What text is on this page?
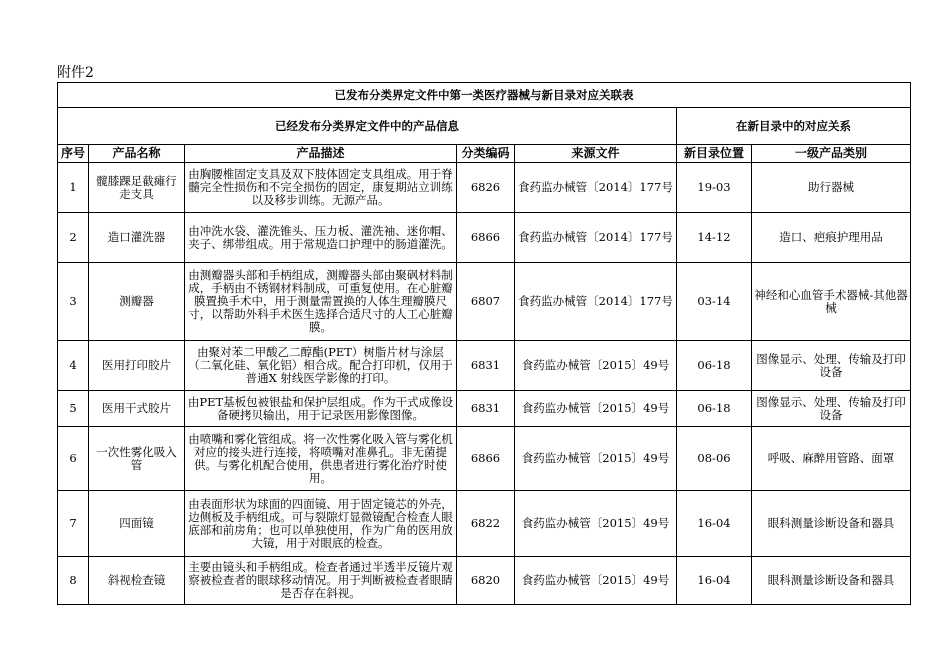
附件2
已发布分类界定文件中第一类医疗器械与新目录对应关联表						
已经发布分类界定文件中的产品信息					在新目录中的对应关系	
序号	产品名称	产品描述	分类编码	来源文件	新目录位置	一级产品类别
1	髋膝踝足截瘫行走支具	由胸腰椎固定支具及双下肢体固定支具组成。用于脊髓完全性损伤和不完全损伤的固定，康复期站立训练以及移步训练。无源产品。	6826	食药监办械管〔2014〕177号	19-03	助行器械
2	造口灌洗器	由冲洗水袋、灌洗锥头、压力板、灌洗袖、迷你帽、夹子、绑带组成。用于常规造口护理中的肠道灌洗。	6866	食药监办械管〔2014〕177号	14-12	造口、疤痕护理用品
3	测瓣器	由测瓣器头部和手柄组成，测瓣器头部由聚砜材料制成，手柄由不锈钢材料制成，可重复使用。在心脏瓣膜置换手术中，用于测量需置换的人体生理瓣膜尺寸，以帮助外科手术医生选择合适尺寸的人工心脏瓣膜。	6807	食药监办械管〔2014〕177号	03-14	神经和心血管手术器械-其他器械
4	医用打印胶片	由聚对苯二甲酸乙二醇酯(PET）树脂片材与涂层（二氧化硅、氧化铝）相合成。配合打印机，仅用于普通X 射线医学影像的打印。	6831	食药监办械管〔2015〕49号	06-18	图像显示、处理、传输及打印设备
5	医用干式胶片	由PET基板包被银盐和保护层组成。作为干式成像设备硬拷贝输出，用于记录医用影像图像。	6831	食药监办械管〔2015〕49号	06-18	图像显示、处理、传输及打印设备
6	一次性雾化吸入管	由喷嘴和雾化管组成。将一次性雾化吸入管与雾化机对应的接头进行连接，将喷嘴对准鼻孔。非无菌提供。与雾化机配合使用，供患者进行雾化治疗时使用。	6866	食药监办械管〔2015〕49号	08-06	呼吸、麻醉用管路、面罩
7	四面镜	由表面形状为球面的四面镜、用于固定镜芯的外壳，边侧板及手柄组成。可与裂隙灯显微镜配合检查人眼底部和前房角；也可以单独使用，作为广角的医用放大镜，用于对眼底的检查。	6822	食药监办械管〔2015〕49号	16-04	眼科测量诊断设备和器具
8	斜视检查镜	主要由镜头和手柄组成。检查者通过半透半反镜片观察被检查者的眼球移动情况。用于判断被检查者眼睛是否存在斜视。	6820	食药监办械管〔2015〕49号	16-04	眼科测量诊断设备和器具
